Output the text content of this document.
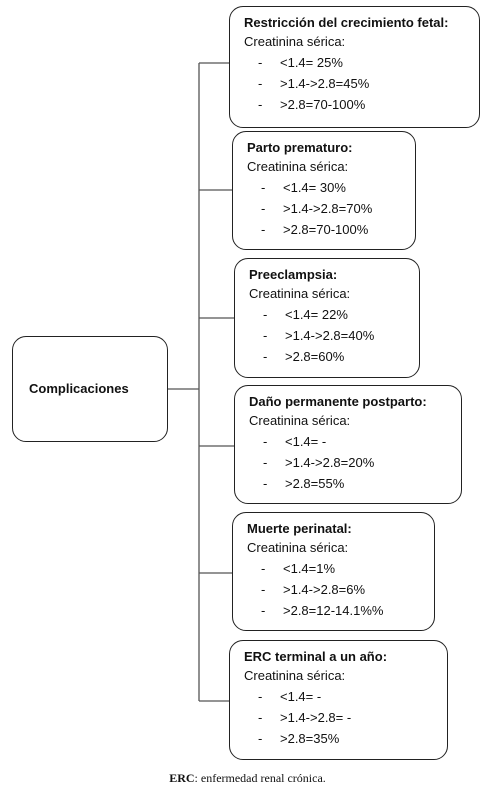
Complicaciones
Restricción del crecimiento fetal:
Creatinina sérica:
-	<1.4= 25%
-	>1.4->2.8=45%
-	>2.8=70-100%
Parto prematuro:
Creatinina sérica:
-	<1.4= 30%
-	>1.4->2.8=70%
-	>2.8=70-100%
Preeclampsia:
Creatinina sérica:
-	<1.4= 22%
-	>1.4->2.8=40%
-	>2.8=60%
Daño permanente postparto:
Creatinina sérica:
-	<1.4= -
-	>1.4->2.8=20%
-	>2.8=55%
Muerte perinatal:
Creatinina sérica:
-	<1.4=1%
-	>1.4->2.8=6%
-	>2.8=12-14.1%%
ERC terminal a un año:
Creatinina sérica:
-	<1.4= -
-	>1.4->2.8= -
-	>2.8=35%
ERC: enfermedad renal crónica.
